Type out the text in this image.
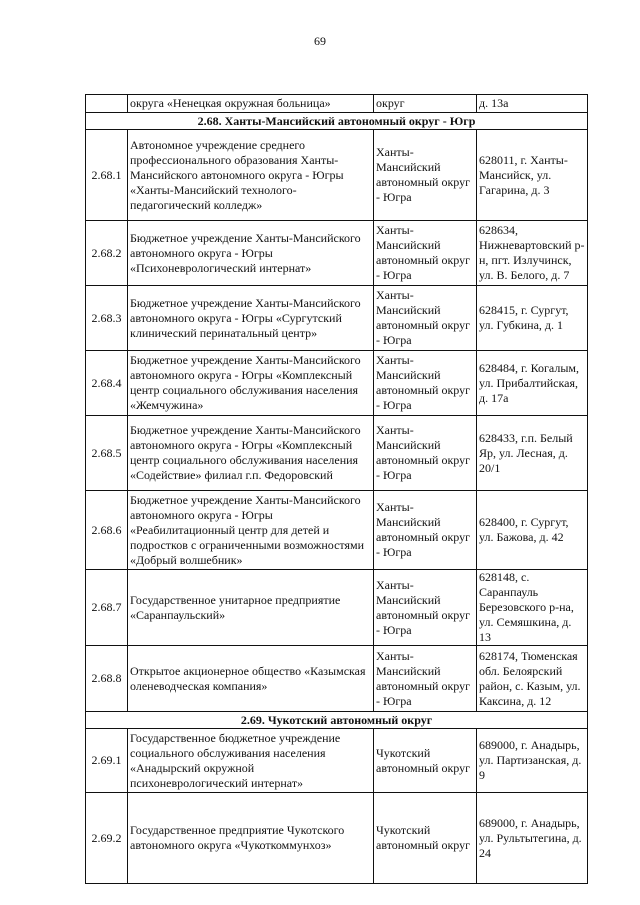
69
	округа «Ненецкая окружная больница»	округ	д. 13а
2.68. Ханты-Мансийский автономный округ - Югр			
2.68.1	Автономное учреждение среднего профессионального образования Ханты-Мансийского автономного округа - Югры «Ханты-Мансийский технолого-педагогический колледж»	Ханты-Мансийский автономный округ - Югра	628011, г. Ханты-Мансийск, ул. Гагарина, д. 3
2.68.2	Бюджетное учреждение Ханты-Мансийского автономного округа - Югры «Психоневрологический интернат»	Ханты-Мансийский автономный округ - Югра	628634, Нижневартовский р-н, пгт. Излучинск, ул. В. Белого, д. 7
2.68.3	Бюджетное учреждение Ханты-Мансийского автономного округа - Югры «Сургутский клинический перинатальный центр»	Ханты-Мансийский автономный округ - Югра	628415, г. Сургут, ул. Губкина, д. 1
2.68.4	Бюджетное учреждение Ханты-Мансийского автономного округа - Югры «Комплексный центр социального обслуживания населения «Жемчужина»	Ханты-Мансийский автономный округ - Югра	628484, г. Когалым, ул. Прибалтийская, д. 17а
2.68.5	Бюджетное учреждение Ханты-Мансийского автономного округа - Югры «Комплексный центр социального обслуживания населения «Содействие» филиал г.п. Федоровский	Ханты-Мансийский автономный округ - Югра	628433, г.п. Белый Яр, ул. Лесная, д. 20/1
2.68.6	Бюджетное учреждение Ханты-Мансийского автономного округа - Югры «Реабилитационный центр для детей и подростков с ограниченными возможностями «Добрый волшебник»	Ханты-Мансийский автономный округ - Югра	628400, г. Сургут, ул. Бажова, д. 42
2.68.7	Государственное унитарное предприятие «Саранпаульский»	Ханты-Мансийский автономный округ - Югра	628148, с. Саранпауль Березовского р-на, ул. Семяшкина, д. 13
2.68.8	Открытое акционерное общество «Казымская оленеводческая компания»	Ханты-Мансийский автономный округ - Югра	628174, Тюменская обл. Белоярский район, с. Казым, ул. Каксина, д. 12
2.69. Чукотский автономный округ			
2.69.1	Государственное бюджетное учреждение социального обслуживания населения «Анадырский окружной психоневрологический интернат»	Чукотский автономный округ	689000, г. Анадырь, ул. Партизанская, д. 9
2.69.2	Государственное предприятие Чукотского автономного округа «Чукоткоммунхоз»	Чукотский автономный округ	689000, г. Анадырь, ул. Рультытегина, д. 24
